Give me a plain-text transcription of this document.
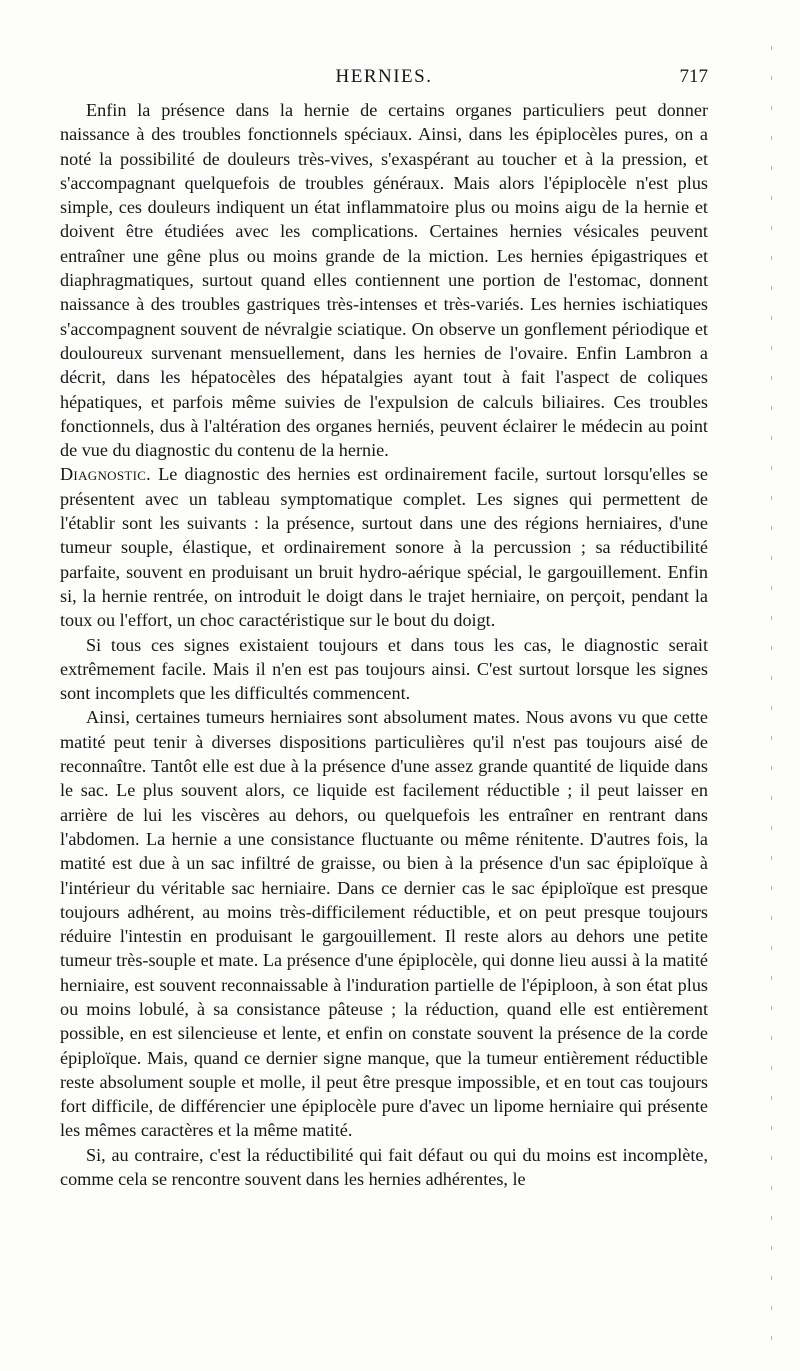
HERNIES.	717

Enfin la présence dans la hernie de certains organes particuliers peut donner naissance à des troubles fonctionnels spéciaux. Ainsi, dans les épiplocèles pures, on a noté la possibilité de douleurs très-vives, s'exaspérant au toucher et à la pression, et s'accompagnant quelquefois de troubles généraux. Mais alors l'épiplocèle n'est plus simple, ces douleurs indiquent un état inflammatoire plus ou moins aigu de la hernie et doivent être étudiées avec les complications. Certaines hernies vésicales peuvent entraîner une gêne plus ou moins grande de la miction. Les hernies épigastriques et diaphragmatiques, surtout quand elles contiennent une portion de l'estomac, donnent naissance à des troubles gastriques très-intenses et très-variés. Les hernies ischiatiques s'accompagnent souvent de névralgie sciatique. On observe un gonflement périodique et douloureux survenant mensuellement, dans les hernies de l'ovaire. Enfin Lambron a décrit, dans les hépatocèles des hépatalgies ayant tout à fait l'aspect de coliques hépatiques, et parfois même suivies de l'expulsion de calculs biliaires. Ces troubles fonctionnels, dus à l'altération des organes herniés, peuvent éclairer le médecin au point de vue du diagnostic du contenu de la hernie.

Diagnostic. Le diagnostic des hernies est ordinairement facile, surtout lorsqu'elles se présentent avec un tableau symptomatique complet. Les signes qui permettent de l'établir sont les suivants : la présence, surtout dans une des régions herniaires, d'une tumeur souple, élastique, et ordinairement sonore à la percussion ; sa réductibilité parfaite, souvent en produisant un bruit hydro-aérique spécial, le gargouillement. Enfin si, la hernie rentrée, on introduit le doigt dans le trajet herniaire, on perçoit, pendant la toux ou l'effort, un choc caractéristique sur le bout du doigt.

Si tous ces signes existaient toujours et dans tous les cas, le diagnostic serait extrêmement facile. Mais il n'en est pas toujours ainsi. C'est surtout lorsque les signes sont incomplets que les difficultés commencent.

Ainsi, certaines tumeurs herniaires sont absolument mates. Nous avons vu que cette matité peut tenir à diverses dispositions particulières qu'il n'est pas toujours aisé de reconnaître. Tantôt elle est due à la présence d'une assez grande quantité de liquide dans le sac. Le plus souvent alors, ce liquide est facilement réductible ; il peut laisser en arrière de lui les viscères au dehors, ou quelquefois les entraîner en rentrant dans l'abdomen. La hernie a une consistance fluctuante ou même rénitente. D'autres fois, la matité est due à un sac infiltré de graisse, ou bien à la présence d'un sac épiploïque à l'intérieur du véritable sac herniaire. Dans ce dernier cas le sac épiploïque est presque toujours adhérent, au moins très-difficilement réductible, et on peut presque toujours réduire l'intestin en produisant le gargouillement. Il reste alors au dehors une petite tumeur très-souple et mate. La présence d'une épiplocèle, qui donne lieu aussi à la matité herniaire, est souvent reconnaissable à l'induration partielle de l'épiploon, à son état plus ou moins lobulé, à sa consistance pâteuse ; la réduction, quand elle est entièrement possible, en est silencieuse et lente, et enfin on constate souvent la présence de la corde épiploïque. Mais, quand ce dernier signe manque, que la tumeur entièrement réductible reste absolument souple et molle, il peut être presque impossible, et en tout cas toujours fort difficile, de différencier une épiplocèle pure d'avec un lipome herniaire qui présente les mêmes caractères et la même matité.

Si, au contraire, c'est la réductibilité qui fait défaut ou qui du moins est incomplète, comme cela se rencontre souvent dans les hernies adhérentes, le
